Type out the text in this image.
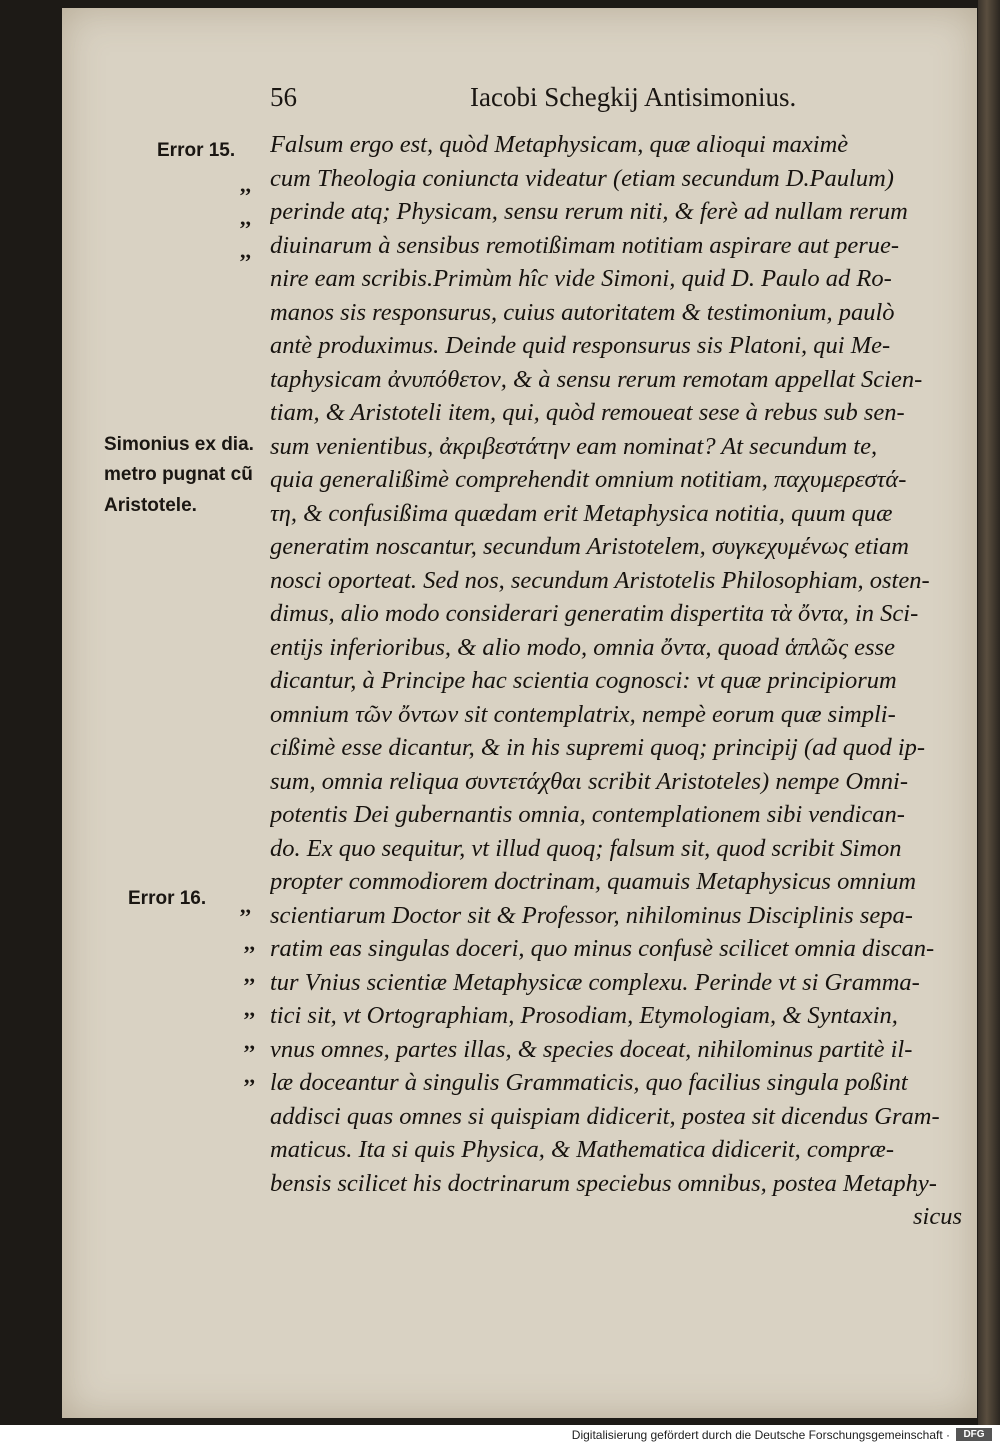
56	Iacobi Schegkij Antisimonius.
Error 15.
Simonius ex dia.
metro pugnat cũ
Aristotele.
Error 16.
,,
,,
,,
,,
,,
,,
,,
,,
,,
Falsum ergo est, quòd Metaphysicam, quæ alioqui maximè
cum Theologia coniuncta videatur (etiam secundum D.Paulum)
perinde atq; Physicam, sensu rerum niti, & ferè ad nullam rerum
diuinarum à sensibus remotißimam notitiam aspirare aut perue-
nire eam scribis.Primùm hîc vide Simoni, quid D. Paulo ad Ro-
manos sis responsurus, cuius autoritatem & testimonium, paulò
antè produximus. Deinde quid responsurus sis Platoni, qui Me-
taphysicam ἀνυπόθετον, & à sensu rerum remotam appellat Scien-
tiam, & Aristoteli item, qui, quòd remoueat sese à rebus sub sen-
sum venientibus, ἀκριβεστάτην eam nominat? At secundum te,
quia generalißimè comprehendit omnium notitiam, παχυμερεστά-
τη, & confusißima quædam erit Metaphysica notitia, quum quæ
generatim noscantur, secundum Aristotelem, συγκεχυμένως etiam
nosci oporteat. Sed nos, secundum Aristotelis Philosophiam, osten-
dimus, alio modo considerari generatim dispertita τὰ ὄντα, in Sci-
entijs inferioribus, & alio modo, omnia ὄντα, quoad ἁπλῶς esse
dicantur, à Principe hac scientia cognosci: vt quæ principiorum
omnium τῶν ὄντων sit contemplatrix, nempè eorum quæ simpli-
cißimè esse dicantur, & in his supremi quoq; principij (ad quod ip-
sum, omnia reliqua συντετάχθαι scribit Aristoteles) nempe Omni-
potentis Dei gubernantis omnia, contemplationem sibi vendican-
do. Ex quo sequitur, vt illud quoq; falsum sit, quod scribit Simon
propter commodiorem doctrinam, quamuis Metaphysicus omnium
scientiarum Doctor sit & Professor, nihilominus Disciplinis sepa-
ratim eas singulas doceri, quo minus confusè scilicet omnia discan-
tur Vnius scientiæ Metaphysicæ complexu. Perinde vt si Gramma-
tici sit, vt Ortographiam, Prosodiam, Etymologiam, & Syntaxin,
vnus omnes, partes illas, & species doceat, nihilominus partitè il-
læ doceantur à singulis Grammaticis, quo facilius singula poßint
addisci quas omnes si quispiam didicerit, postea sit dicendus Gram-
maticus. Ita si quis Physica, & Mathematica didicerit, compræ-
bensis scilicet his doctrinarum speciebus omnibus, postea Metaphy-
sicus
Digitalisierung gefördert durch die Deutsche Forschungsgemeinschaft ·	DFG
